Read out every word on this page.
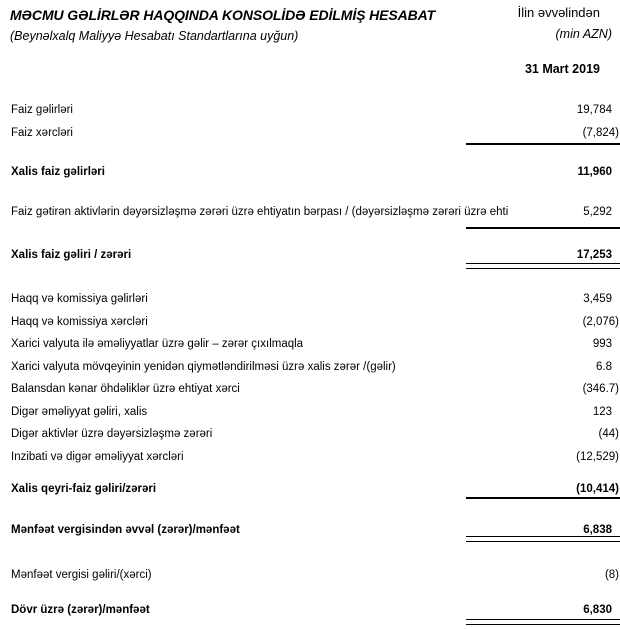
MƏCMU GƏLİRLƏR HAQQINDA KONSOLİDƏ EDİLMİŞ HESABAT
(Beynəlxalq Maliyyə Hesabatı Standartlarına uyğun)
İlin əvvəlindən
(min AZN)
31 Mart 2019
Faiz gəlirləri	19,784
Faiz xərcləri	(7,824)
Xalis faiz gəlirləri	11,960
Faiz gətirən aktivlərin dəyərsizləşmə zərəri üzrə ehtiyatın bərpası / (dəyərsizləşmə zərəri üzrə ehti	5,292
Xalis faiz gəliri / zərəri	17,253
Haqq və komissiya gəlirləri	3,459
Haqq və komissiya xərcləri	(2,076)
Xarici valyuta ilə əməliyyatlar üzrə gəlir – zərər çıxılmaqla	993
Xarici valyuta mövqeyinin yenidən qiymətləndirilməsi üzrə xalis zərər /(gəlir)	6.8
Balansdan kənar öhdəliklər üzrə ehtiyat xərci	(346.7)
Digər əməliyyat gəliri, xalis	123
Digər aktivlər üzrə dəyərsizləşmə zərəri	(44)
İnzibati və digər əməliyyat xərcləri	(12,529)
Xalis qeyri-faiz gəliri/zərəri	(10,414)
Mənfəət vergisindən əvvəl (zərər)/mənfəət	6,838
Mənfəət vergisi gəliri/(xərci)	(8)
Dövr üzrə (zərər)/mənfəət	6,830
